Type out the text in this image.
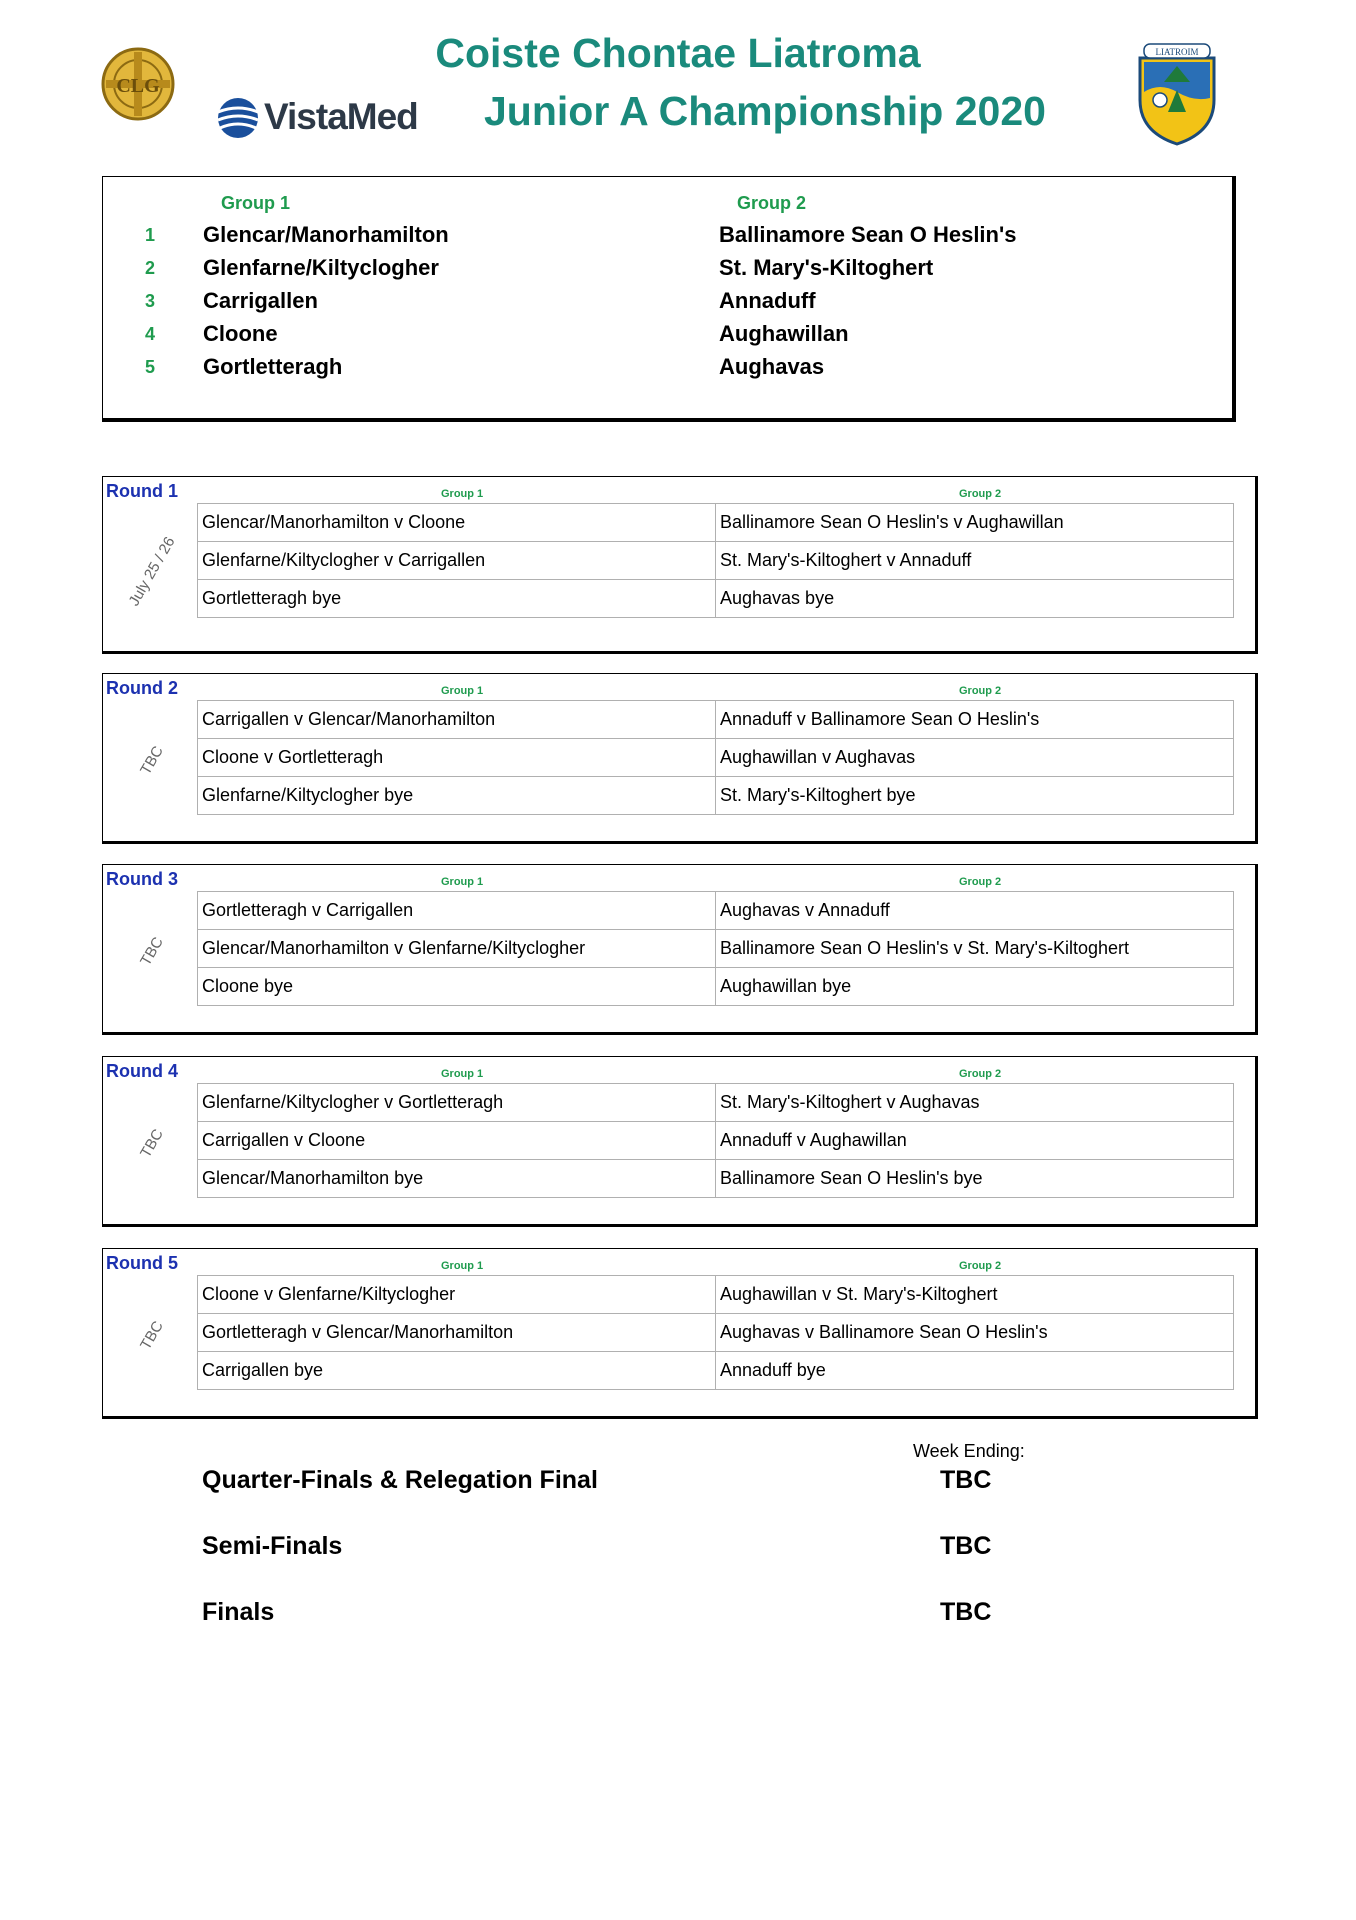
CLG
Coiste Chontae Liatroma
VistaMed Junior A Championship 2020
LIATROIM
Group 1	Group 2
1	Glencar/Manorhamilton	Ballinamore Sean O Heslin's
2	Glenfarne/Kiltyclogher	St. Mary's-Kiltoghert
3	Carrigallen	Annaduff
4	Cloone	Aughawillan
5	Gortletteragh	Aughavas
Round 1
July 25 / 26
Group 1	Group 2
Glencar/Manorhamilton v Cloone	Ballinamore Sean O Heslin's v Aughawillan
Glenfarne/Kiltyclogher v Carrigallen	St. Mary's-Kiltoghert v Annaduff
Gortletteragh bye	Aughavas bye
Round 2
TBC
Group 1	Group 2
Carrigallen v Glencar/Manorhamilton	Annaduff v Ballinamore Sean O Heslin's
Cloone v Gortletteragh	Aughawillan v Aughavas
Glenfarne/Kiltyclogher bye	St. Mary's-Kiltoghert bye
Round 3
TBC
Group 1	Group 2
Gortletteragh v Carrigallen	Aughavas v Annaduff
Glencar/Manorhamilton v Glenfarne/Kiltyclogher	Ballinamore Sean O Heslin's v St. Mary's-Kiltoghert
Cloone bye	Aughawillan bye
Round 4
TBC
Group 1	Group 2
Glenfarne/Kiltyclogher v Gortletteragh	St. Mary's-Kiltoghert v Aughavas
Carrigallen v Cloone	Annaduff v Aughawillan
Glencar/Manorhamilton bye	Ballinamore Sean O Heslin's bye
Round 5
TBC
Group 1	Group 2
Cloone v Glenfarne/Kiltyclogher	Aughawillan v St. Mary's-Kiltoghert
Gortletteragh v Glencar/Manorhamilton	Aughavas v Ballinamore Sean O Heslin's
Carrigallen bye	Annaduff bye
Week Ending:
Quarter-Finals & Relegation Final	TBC
Semi-Finals	TBC
Finals	TBC
